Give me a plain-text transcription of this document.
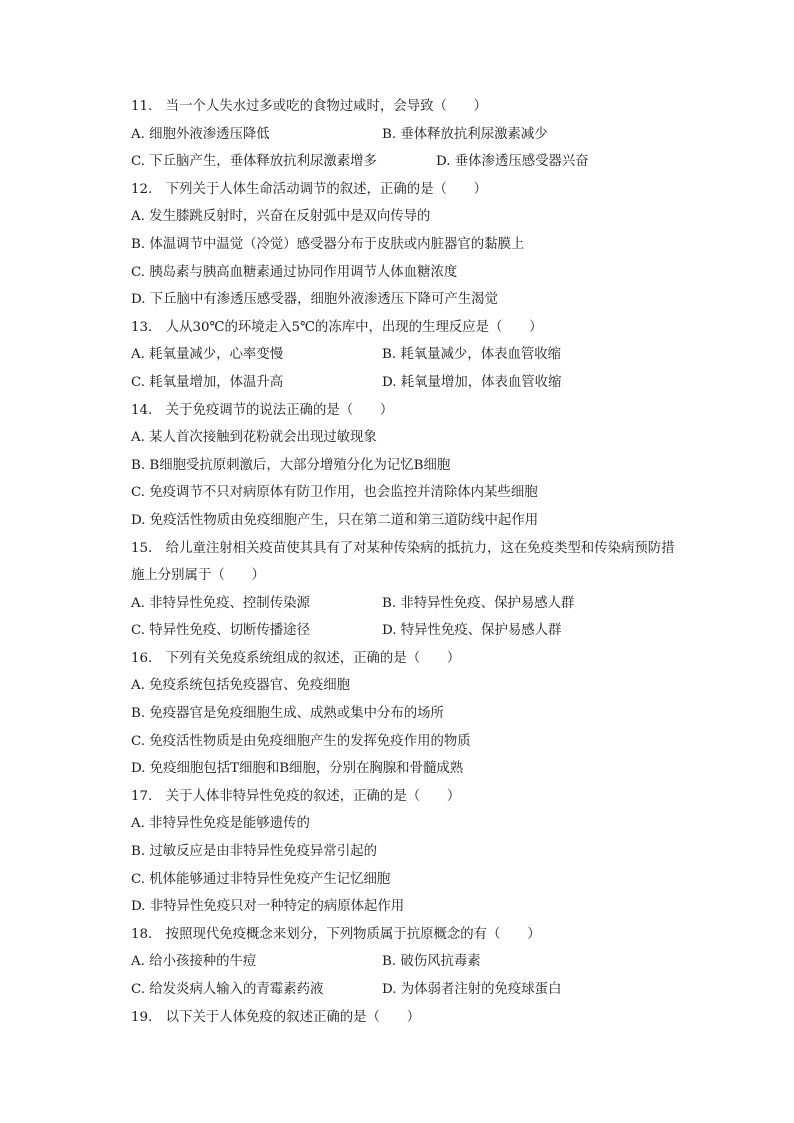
11.　当一个人失水过多或吃的食物过咸时，会导致（　　）
A. 细胞外液渗透压降低	B. 垂体释放抗利尿激素减少
C. 下丘脑产生，垂体释放抗利尿激素增多	D. 垂体渗透压感受器兴奋
12.　下列关于人体生命活动调节的叙述，正确的是（　　）
A. 发生膝跳反射时，兴奋在反射弧中是双向传导的
B. 体温调节中温觉（冷觉）感受器分布于皮肤或内脏器官的黏膜上
C. 胰岛素与胰高血糖素通过协同作用调节人体血糖浓度
D. 下丘脑中有渗透压感受器，细胞外液渗透压下降可产生渴觉
13.　人从30℃的环境走入5℃的冻库中，出现的生理反应是（　　）
A. 耗氧量减少，心率变慢	B. 耗氧量减少，体表血管收缩
C. 耗氧量增加，体温升高	D. 耗氧量增加，体表血管收缩
14.　关于免疫调节的说法正确的是（　　）
A. 某人首次接触到花粉就会出现过敏现象
B. B细胞受抗原刺激后，大部分增殖分化为记忆B细胞
C. 免疫调节不只对病原体有防卫作用，也会监控并清除体内某些细胞
D. 免疫活性物质由免疫细胞产生，只在第二道和第三道防线中起作用
15.　给儿童注射相关疫苗使其具有了对某种传染病的抵抗力，这在免疫类型和传染病预防措
施上分别属于（　　）
A. 非特异性免疫、控制传染源	B. 非特异性免疫、保护易感人群
C. 特异性免疫、切断传播途径	D. 特异性免疫、保护易感人群
16.　下列有关免疫系统组成的叙述，正确的是（　　）
A. 免疫系统包括免疫器官、免疫细胞
B. 免疫器官是免疫细胞生成、成熟或集中分布的场所
C. 免疫活性物质是由免疫细胞产生的发挥免疫作用的物质
D. 免疫细胞包括T细胞和B细胞，分别在胸腺和骨髓成熟
17.　关于人体非特异性免疫的叙述，正确的是（　　）
A. 非特异性免疫是能够遗传的
B. 过敏反应是由非特异性免疫异常引起的
C. 机体能够通过非特异性免疫产生记忆细胞
D. 非特异性免疫只对一种特定的病原体起作用
18.　按照现代免疫概念来划分，下列物质属于抗原概念的有（　　）
A. 给小孩接种的牛痘	B. 破伤风抗毒素
C. 给发炎病人输入的青霉素药液	D. 为体弱者注射的免疫球蛋白
19.　以下关于人体免疫的叙述正确的是（　　）
